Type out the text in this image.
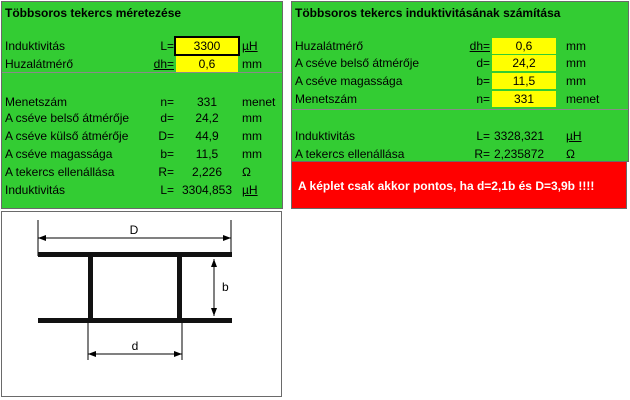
Többsoros tekercs méretezése
Induktivitás	L=	3300	µH
Huzalátmérő	dh=	0,6	mm
Menetszám	n=	331	menet
A cséve belső átmérője	d=	24,2	mm
A cséve külső átmérője	D=	44,9	mm
A cséve magassága	b=	11,5	mm
A tekercs ellenállása	R=	2,226	Ω
Induktivitás	L= 3304,853 µH
Többsoros tekercs induktivitásának számítása
Huzalátmérő	dh=	0,6	mm
A cséve belső átmérője	d=	24,2	mm
A cséve magassága	b=	11,5	mm
Menetszám	n=	331	menet
Induktivitás	L= 3328,321 µH
A tekercs ellenállása	R= 2,235872 Ω
A képlet csak akkor pontos, ha d=2,1b és D=3,9b !!!!
D
b
d
